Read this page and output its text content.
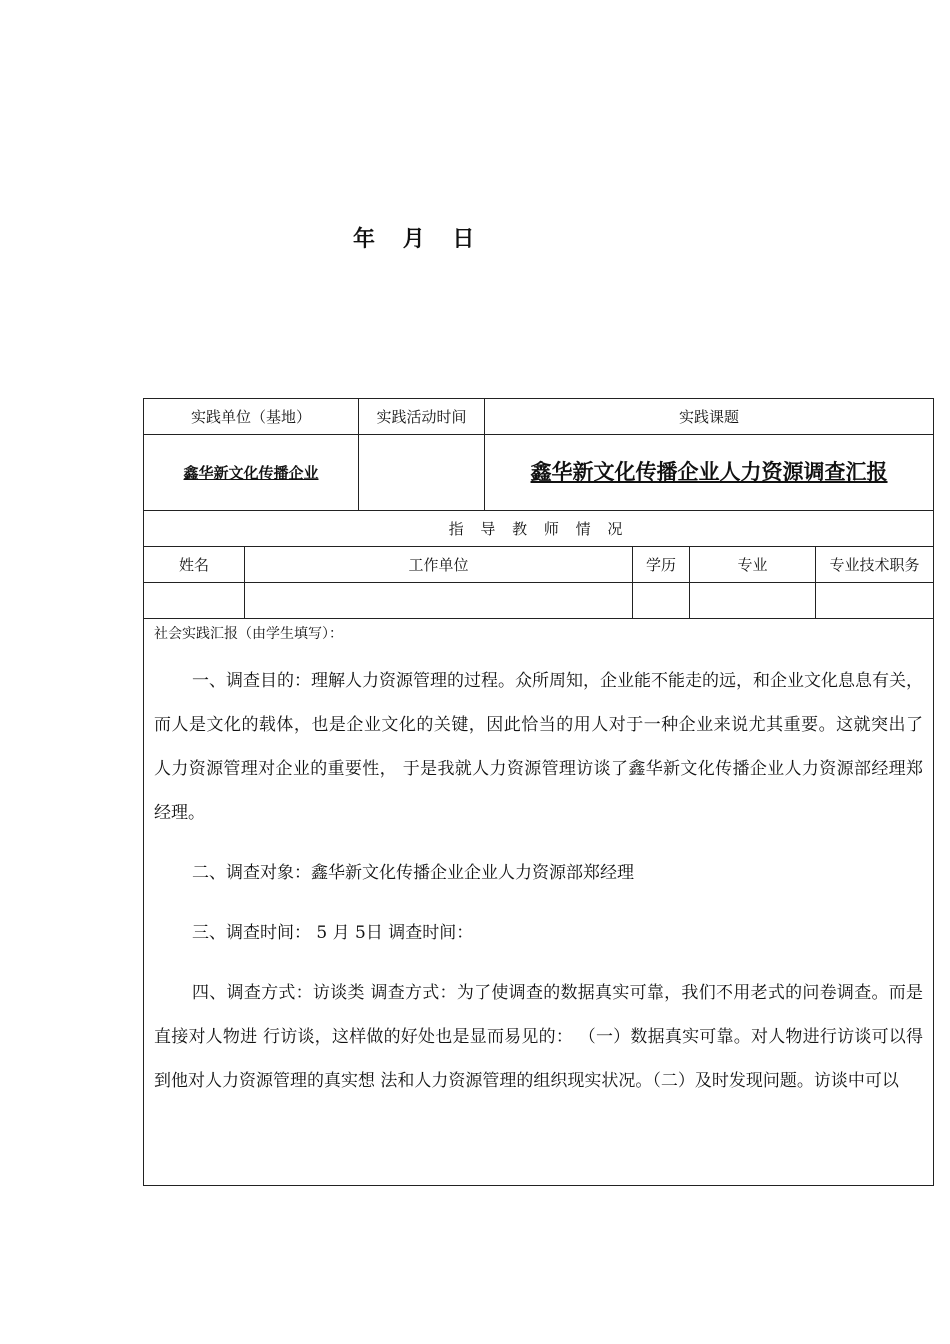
年 月 日
实践单位（基地）		实践活动时间	实践课题			
鑫华新文化传播企业			鑫华新文化传播企业人力资源调查汇报			

指 导 教 师 情 况						
姓名	工作单位			学历	专业	专业技术职务

社会实践汇报（由学生填写）：

一、调查目的：理解人力资源管理的过程。众所周知，企业能不能走的远，和企业文化息息有关，而人是文化的载体，也是企业文化的关键，因此恰当的用人对于一种企业来说尤其重要。这就突出了 人力资源管理对企业的重要性， 于是我就人力资源管理访谈了鑫华新文化传播企业人力资源部经理郑经理。

二、调查对象：鑫华新文化传播企业企业人力资源部郑经理

三、调查时间： 5 月 5日 调查时间：

四、调查方式：访谈类 调查方式：为了使调查的数据真实可靠，我们不用老式的问卷调查。而是直接对人物进 行访谈，这样做的好处也是显而易见的： （一）数据真实可靠。对人物进行访谈可以得到他对人力资源管理的真实想 法和人力资源管理的组织现实状况。（二）及时发现问题。访谈中可以						
